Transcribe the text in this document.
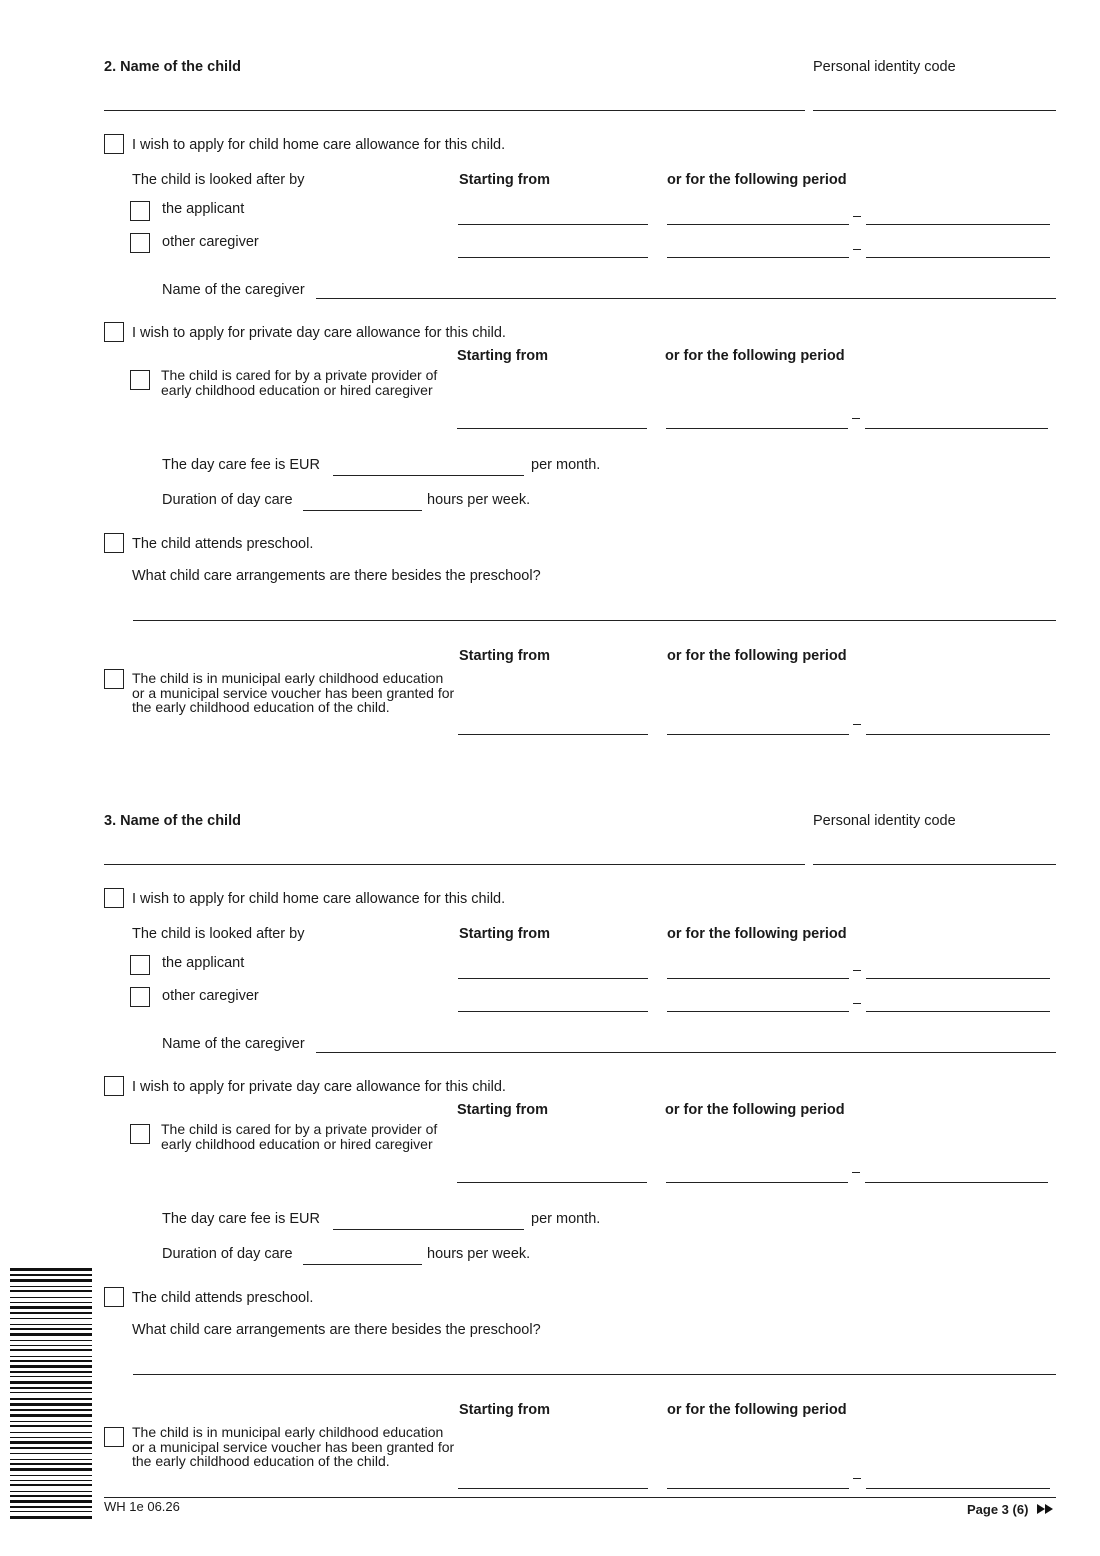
2. Name of the child	Personal identity code
I wish to apply for child home care allowance for this child.
The child is looked after by	Starting from	or for the following period
the applicant
other caregiver
Name of the caregiver
I wish to apply for private day care allowance for this child.
Starting from	or for the following period
The child is cared for by a private provider of early childhood education or hired caregiver
The day care fee is EUR	per month.
Duration of day care	hours per week.
The child attends preschool.
What child care arrangements are there besides the preschool?
Starting from	or for the following period
The child is in municipal early childhood education or a municipal service voucher has been granted for the early childhood education of the child.
3. Name of the child	Personal identity code
I wish to apply for child home care allowance for this child.
The child is looked after by	Starting from	or for the following period
the applicant
other caregiver
Name of the caregiver
I wish to apply for private day care allowance for this child.
Starting from	or for the following period
The child is cared for by a private provider of early childhood education or hired caregiver
The day care fee is EUR	per month.
Duration of day care	hours per week.
The child attends preschool.
What child care arrangements are there besides the preschool?
Starting from	or for the following period
The child is in municipal early childhood education or a municipal service voucher has been granted for the early childhood education of the child.
WH 1e 06.26	Page 3 (6)
